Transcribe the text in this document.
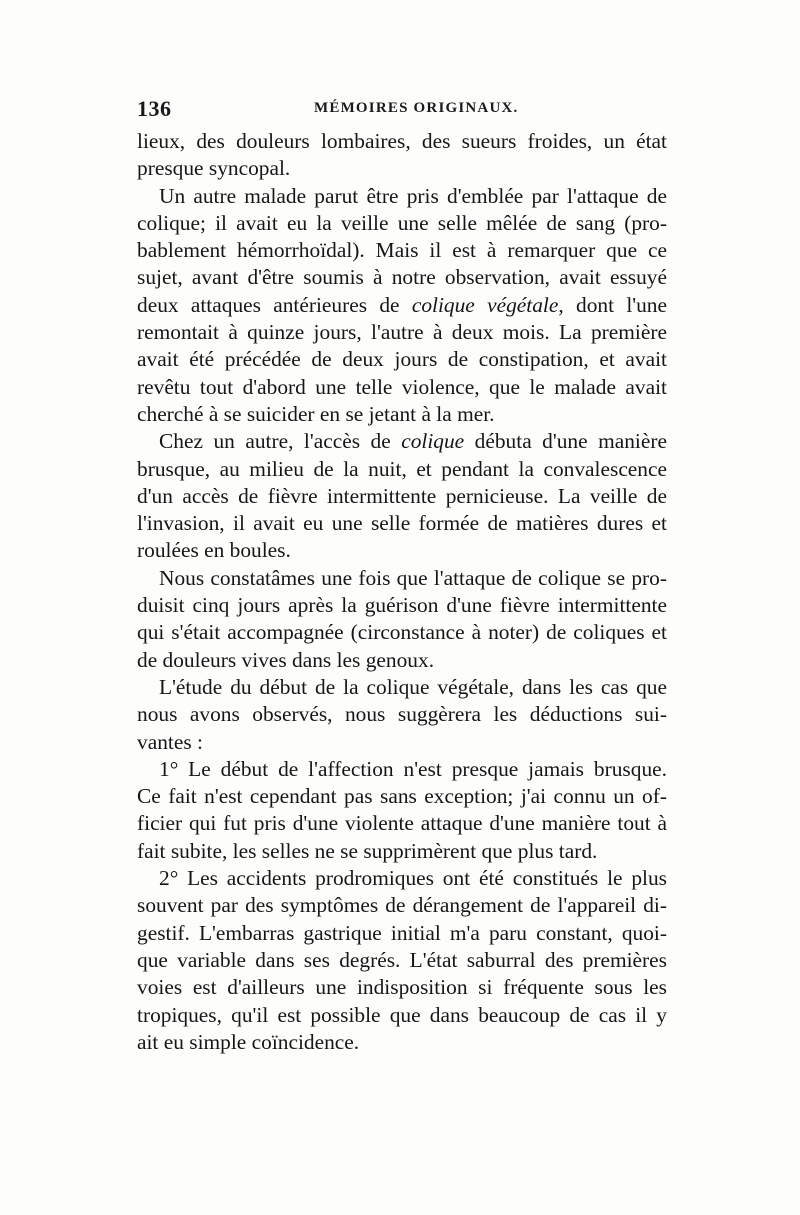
136	MÉMOIRES ORIGINAUX.
lieux, des douleurs lombaires, des sueurs froides, un état
presque syncopal.
Un autre malade parut être pris d'emblée par l'attaque de
colique; il avait eu la veille une selle mêlée de sang (pro-
bablement hémorrhoïdal). Mais il est à remarquer que ce
sujet, avant d'être soumis à notre observation, avait essuyé
deux attaques antérieures de colique végétale, dont l'une
remontait à quinze jours, l'autre à deux mois. La première
avait été précédée de deux jours de constipation, et avait
revêtu tout d'abord une telle violence, que le malade avait
cherché à se suicider en se jetant à la mer.
Chez un autre, l'accès de colique débuta d'une manière
brusque, au milieu de la nuit, et pendant la convalescence
d'un accès de fièvre intermittente pernicieuse. La veille de
l'invasion, il avait eu une selle formée de matières dures et
roulées en boules.
Nous constatâmes une fois que l'attaque de colique se pro-
duisit cinq jours après la guérison d'une fièvre intermittente
qui s'était accompagnée (circonstance à noter) de coliques et
de douleurs vives dans les genoux.
L'étude du début de la colique végétale, dans les cas que
nous avons observés, nous suggèrera les déductions sui-
vantes :
1° Le début de l'affection n'est presque jamais brusque.
Ce fait n'est cependant pas sans exception; j'ai connu un of-
ficier qui fut pris d'une violente attaque d'une manière tout à
fait subite, les selles ne se supprimèrent que plus tard.
2° Les accidents prodromiques ont été constitués le plus
souvent par des symptômes de dérangement de l'appareil di-
gestif. L'embarras gastrique initial m'a paru constant, quoi-
que variable dans ses degrés. L'état saburral des premières
voies est d'ailleurs une indisposition si fréquente sous les
tropiques, qu'il est possible que dans beaucoup de cas il y
ait eu simple coïncidence.
